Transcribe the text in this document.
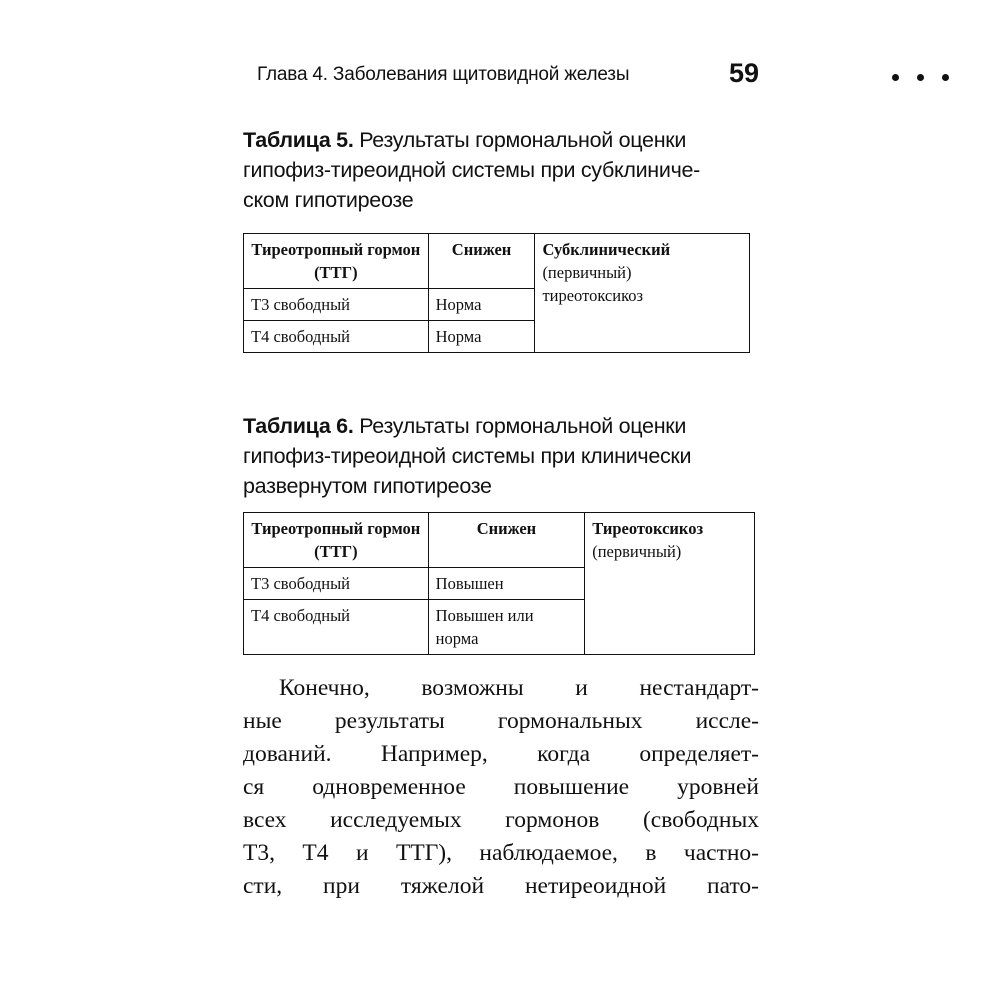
Глава 4. Заболевания щитовидной железы	59
Таблица 5. Результаты гормональной оценки
гипофиз-тиреоидной системы при субклиниче-
ском гипотиреозе
Тиреотропный гормон (ТТГ)	Снижен	Субклинический
(первичный)
тиреотоксикоз

Т3 свободный	Норма	
Т4 свободный	Норма	
Таблица 6. Результаты гормональной оценки
гипофиз-тиреоидной системы при клинически
развернутом гипотиреозе
Тиреотропный гормон (ТТГ)	Снижен	Тиреотоксикоз
(первичный)

Т3 свободный	Повышен	
Т4 свободный	Повышен или норма	
Конечно, возможны и нестандарт-
ные результаты гормональных иссле-
дований. Например, когда определяет-
ся одновременное повышение уровней
всех исследуемых гормонов (свободных
Т3, Т4 и ТТГ), наблюдаемое, в частно-
сти, при тяжелой нетиреоидной пато-
